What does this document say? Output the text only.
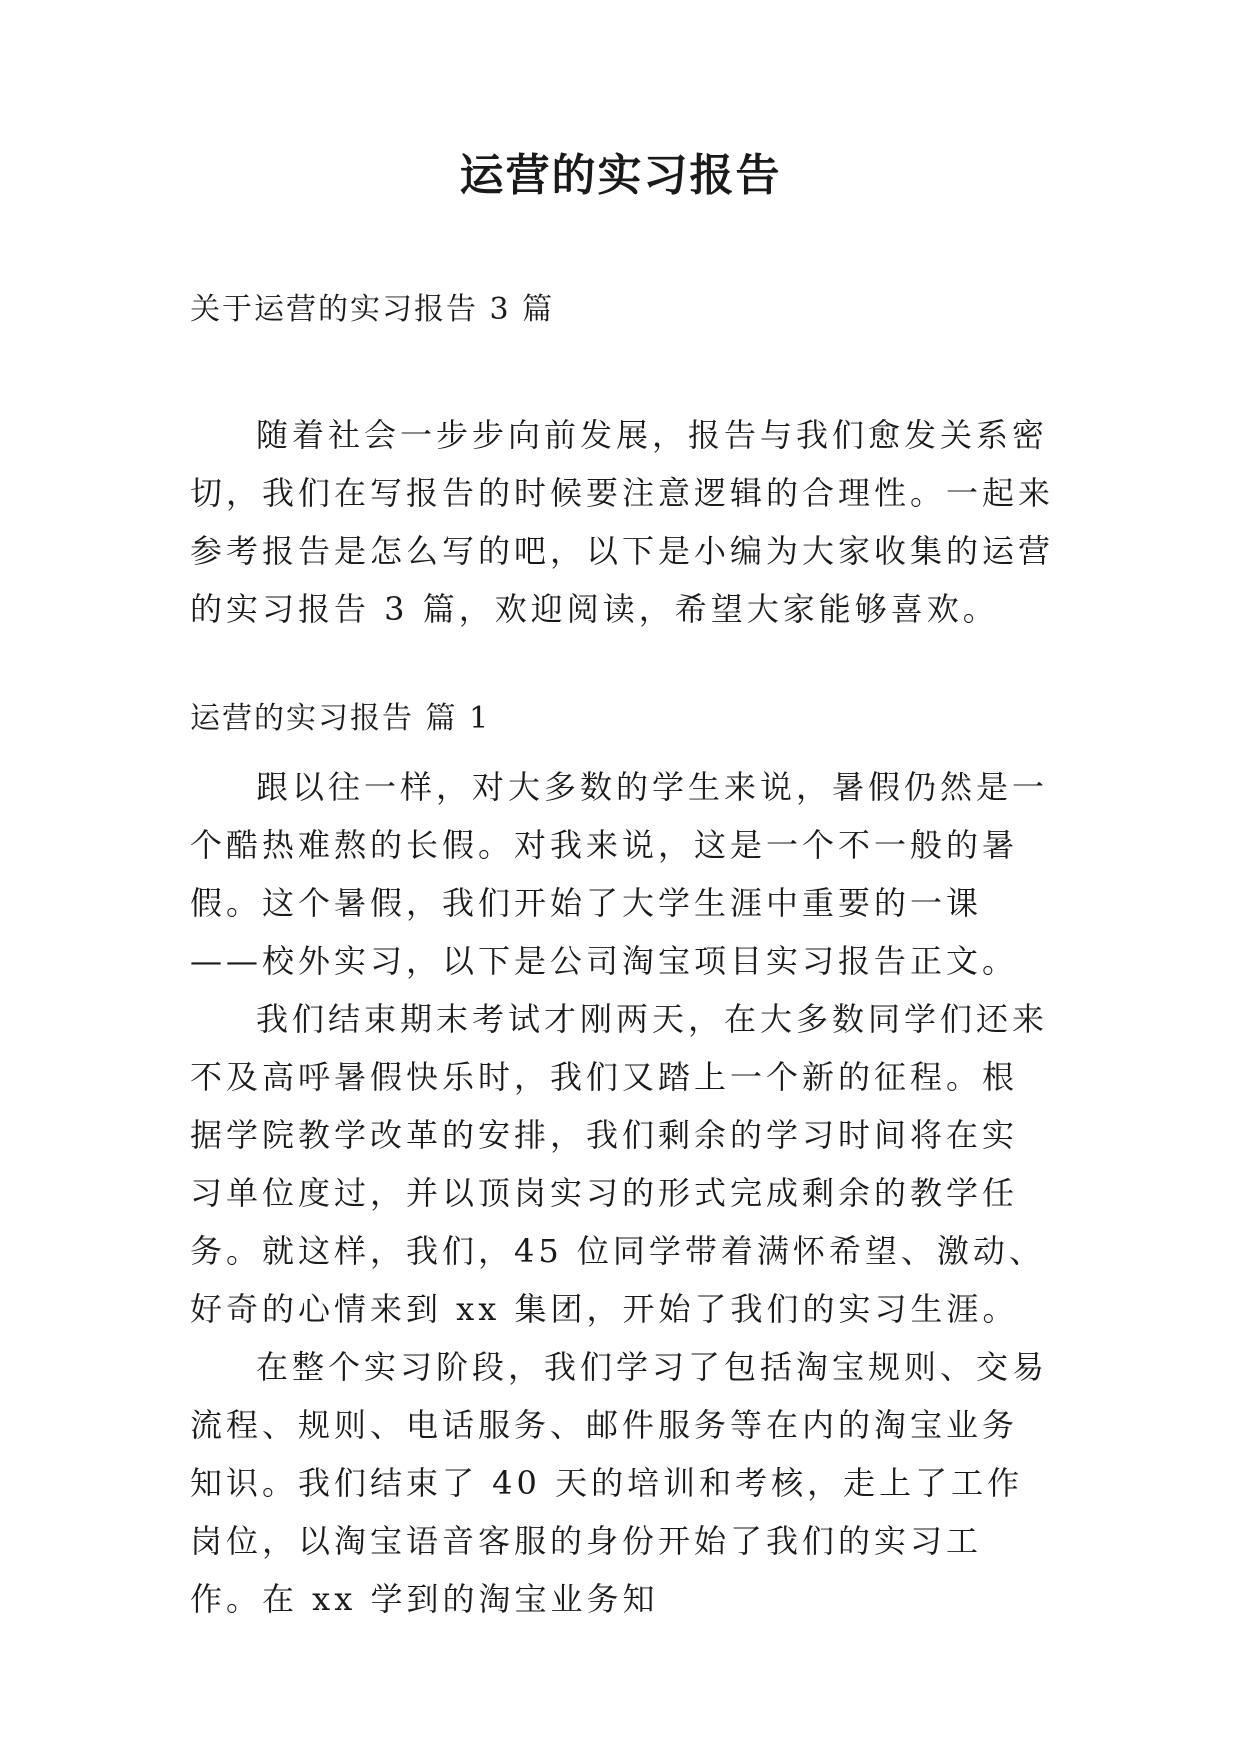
运营的实习报告

关于运营的实习报告 3 篇

随着社会一步步向前发展，报告与我们愈发关系密切，我们在写报告的时候要注意逻辑的合理性。一起来参考报告是怎么写的吧，以下是小编为大家收集的运营的实习报告 3 篇，欢迎阅读，希望大家能够喜欢。

运营的实习报告 篇 1

跟以往一样，对大多数的学生来说，暑假仍然是一个酷热难熬的长假。对我来说，这是一个不一般的暑假。这个暑假，我们开始了大学生涯中重要的一课——校外实习，以下是公司淘宝项目实习报告正文。

我们结束期末考试才刚两天，在大多数同学们还来不及高呼暑假快乐时，我们又踏上一个新的征程。根据学院教学改革的安排，我们剩余的学习时间将在实习单位度过，并以顶岗实习的形式完成剩余的教学任务。就这样，我们，45 位同学带着满怀希望、激动、好奇的心情来到 xx 集团，开始了我们的实习生涯。

在整个实习阶段，我们学习了包括淘宝规则、交易流程、规则、电话服务、邮件服务等在内的淘宝业务知识。我们结束了 40 天的培训和考核，走上了工作岗位，以淘宝语音客服的身份开始了我们的实习工作。在 xx 学到的淘宝业务知
